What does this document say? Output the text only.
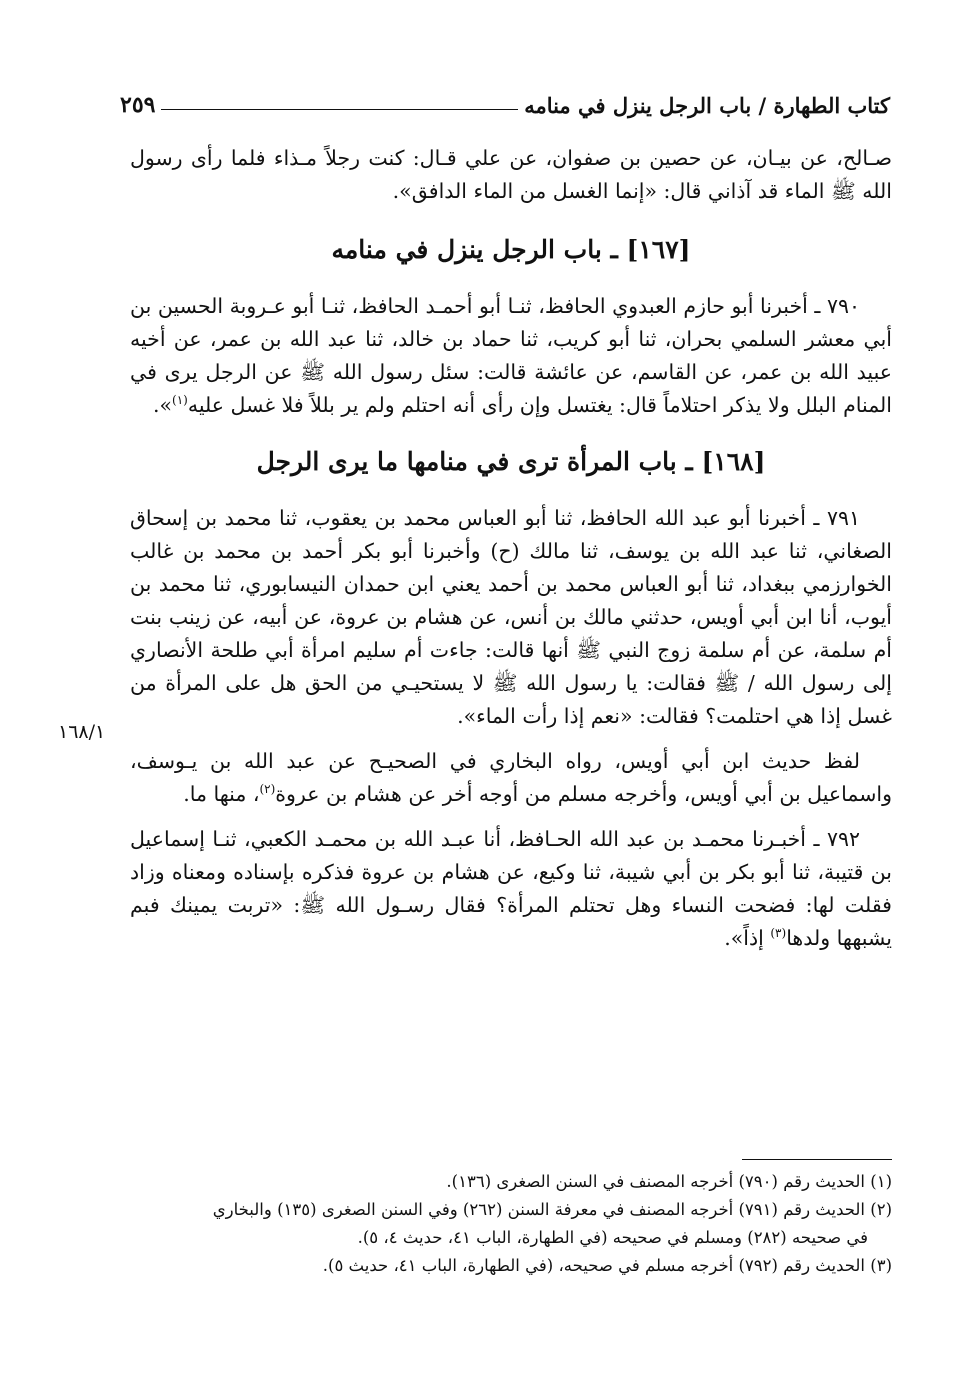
كتاب الطهارة / باب الرجل ينزل في منامه
٢٥٩

صـالح، عن بيـان، عن حصين بن صفوان، عن علي قـال: كنت رجلاً مـذاء فلما رأى رسول الله ﷺ الماء قد آذاني قال: «إنما الغسل من الماء الدافق».

[١٦٧] ـ باب الرجل ينزل في منامه

٧٩٠ ـ أخبرنا أبو حازم العبدوي الحافظ، ثنـا أبو أحمـد الحافظ، ثنـا أبو عـروبة الحسين بن أبي معشر السلمي بحران، ثنا أبو كريب، ثنا حماد بن خالد، ثنا عبد الله بن عمر، عن أخيه عبيد الله بن عمر، عن القاسم، عن عائشة قالت: سئل رسول الله ﷺ عن الرجل يرى في المنام البلل ولا يذكر احتلاماً قال: يغتسل وإن رأى أنه احتلم ولم ير بللاً فلا غسل عليه$^{(١)}$».

[١٦٨] ـ باب المرأة ترى في منامها ما يرى الرجل

٧٩١ ـ أخبرنا أبو عبد الله الحافظ، ثنا أبو العباس محمد بن يعقوب، ثنا محمد بن إسحاق الصغاني، ثنا عبد الله بن يوسف، ثنا مالك (ح) وأخبرنا أبو بكر أحمد بن محمد بن غالب الخوارزمي ببغداد، ثنا أبو العباس محمد بن أحمد يعني ابن حمدان النيسابوري، ثنا محمد بن أيوب، أنا ابن أبي أويس، حدثني مالك بن أنس، عن هشام بن عروة، عن أبيه، عن زينب بنت أم سلمة، عن أم سلمة زوج النبي ﷺ أنها قالت: جاءت أم سليم امرأة أبي طلحة الأنصاري إلى رسول الله / ﷺ فقالت: يا رسول الله ﷺ لا يستحيـي من الحق هل على المرأة من غسل إذا هي احتلمت؟ فقالت: «نعم إذا رأت الماء».

لفظ حديث ابن أبي أويس، رواه البخاري في الصحيـح عن عبد الله بن يـوسف، واسماعيل بن أبي أويس، وأخرجه مسلم من أوجه أخر عن هشام بن عروة$^{(٢)}$، منها ما.

٧٩٢ ـ أخبـرنا محمـد بن عبد الله الحـافظ، أنا عبـد الله بن محمـد الكعبي، ثنـا إسماعيل بن قتيبة، ثنا أبو بكر بن أبي شيبة، ثنا وكيع، عن هشام بن عروة فذكره بإسناده ومعناه وزاد فقلت لها: فضحت النساء وهل تحتلم المرأة؟ فقال رسـول الله ﷺ: «تربت يمينك فبم يشبهها ولدها$^{(٣)}$ إذاً».

١٦٨/١

(١) الحديث رقم (٧٩٠) أخرجه المصنف في السنن الصغرى (١٣٦).

(٢) الحديث رقم (٧٩١) أخرجه المصنف في معرفة السنن (٢٦٢) وفي السنن الصغرى (١٣٥) والبخاري

في صحيحه (٢٨٢) ومسلم في صحيحه (في الطهارة، الباب ٤١، حديث ٤، ٥).

(٣) الحديث رقم (٧٩٢) أخرجه مسلم في صحيحه، (في الطهارة، الباب ٤١، حديث ٥).
